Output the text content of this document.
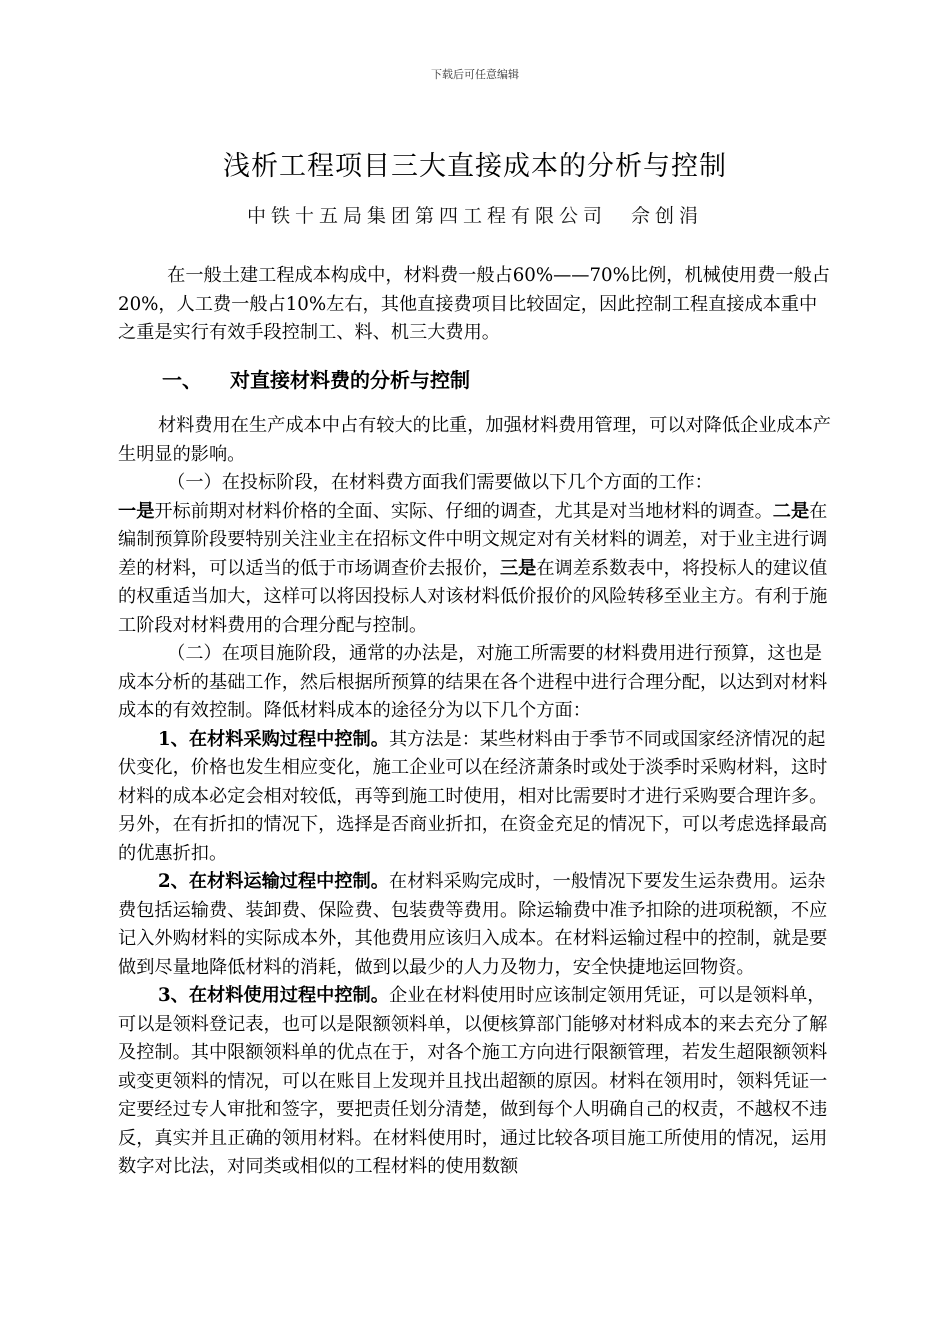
下载后可任意编辑
浅析工程项目三大直接成本的分析与控制
中铁十五局集团第四工程有限公司　佘创涓

在一般土建工程成本构成中，材料费一般占60%——70%比例，机械使用费一般占20%，人工费一般占10%左右，其他直接费项目比较固定，因此控制工程直接成本重中之重是实行有效手段控制工、料、机三大费用。

一、 对直接材料费的分析与控制

材料费用在生产成本中占有较大的比重，加强材料费用管理，可以对降低企业成本产生明显的影响。

（一）在投标阶段，在材料费方面我们需要做以下几个方面的工作：

一是开标前期对材料价格的全面、实际、仔细的调查，尤其是对当地材料的调查。二是在编制预算阶段要特别关注业主在招标文件中明文规定对有关材料的调差，对于业主进行调差的材料，可以适当的低于市场调查价去报价，三是在调差系数表中，将投标人的建议值的权重适当加大，这样可以将因投标人对该材料低价报价的风险转移至业主方。有利于施工阶段对材料费用的合理分配与控制。

（二）在项目施阶段，通常的办法是，对施工所需要的材料费用进行预算，这也是成本分析的基础工作，然后根据所预算的结果在各个进程中进行合理分配，以达到对材料成本的有效控制。降低材料成本的途径分为以下几个方面：

1、在材料采购过程中控制。其方法是：某些材料由于季节不同或国家经济情况的起伏变化，价格也发生相应变化，施工企业可以在经济萧条时或处于淡季时采购材料，这时材料的成本必定会相对较低，再等到施工时使用，相对比需要时才进行采购要合理许多。另外，在有折扣的情况下，选择是否商业折扣，在资金充足的情况下，可以考虑选择最高的优惠折扣。

2、在材料运输过程中控制。在材料采购完成时，一般情况下要发生运杂费用。运杂费包括运输费、装卸费、保险费、包装费等费用。除运输费中准予扣除的进项税额，不应记入外购材料的实际成本外，其他费用应该归入成本。在材料运输过程中的控制，就是要做到尽量地降低材料的消耗，做到以最少的人力及物力，安全快捷地运回物资。

3、在材料使用过程中控制。企业在材料使用时应该制定领用凭证，可以是领料单，可以是领料登记表，也可以是限额领料单，以便核算部门能够对材料成本的来去充分了解及控制。其中限额领料单的优点在于，对各个施工方向进行限额管理，若发生超限额领料或变更领料的情况，可以在账目上发现并且找出超额的原因。材料在领用时，领料凭证一定要经过专人审批和签字，要把责任划分清楚，做到每个人明确自己的权责，不越权不违反，真实并且正确的领用材料。在材料使用时，通过比较各项目施工所使用的情况，运用数字对比法，对同类或相似的工程材料的使用数额
